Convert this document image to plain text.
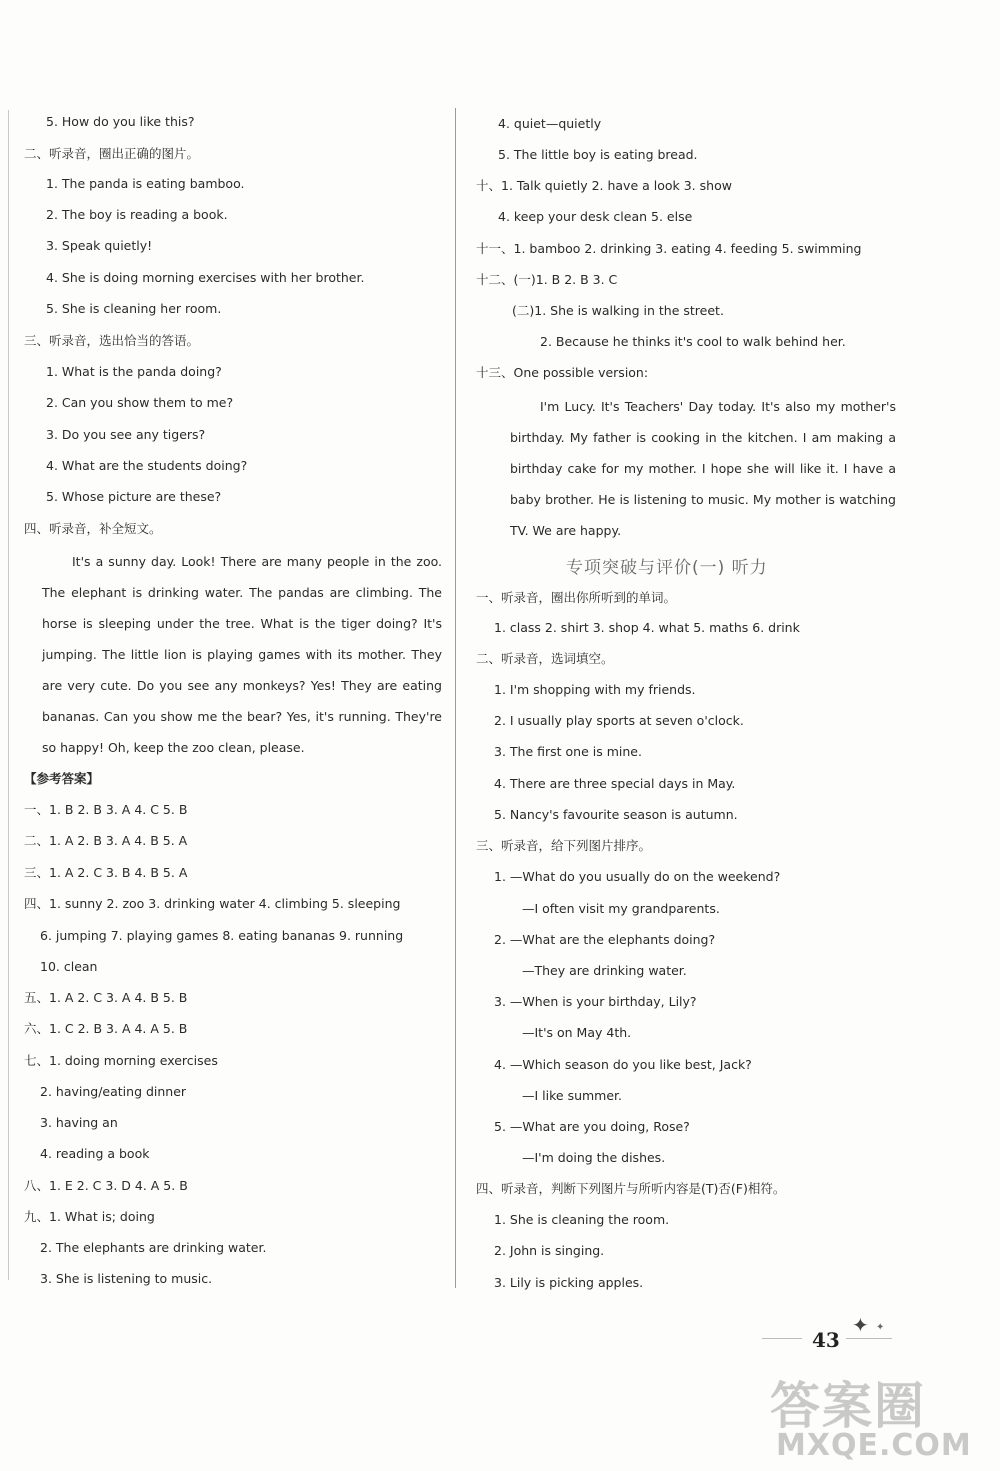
It's a sunny day. Look! There are many people in the zoo. The elephant is drinking water. The pandas are climbing. The horse is sleeping under the tree. What is the tiger doing? It's jumping. The little lion is playing games with its mother. They are very cute. Do you see any monkeys? Yes! They are eating bananas. Can you show me the bear? Yes, it's running. They're so happy! Oh, keep the zoo clean, please.
5. How do you like this?
二、听录音，圈出正确的图片。
1. The panda is eating bamboo.
2. The boy is reading a book.
3. Speak quietly!
4. She is doing morning exercises with her brother.
5. She is cleaning her room.
三、听录音，选出恰当的答语。
1. What is the panda doing?
2. Can you show them to me?
3. Do you see any tigers?
4. What are the students doing?
5. Whose picture are these?
四、听录音，补全短文。
【参考答案】
一、1. B 2. B 3. A 4. C 5. B
二、1. A 2. B 3. A 4. B 5. A
三、1. A 2. C 3. B 4. B 5. A
四、1. sunny 2. zoo 3. drinking water 4. climbing 5. sleeping
6. jumping 7. playing games 8. eating bananas 9. running
10. clean
五、1. A 2. C 3. A 4. B 5. B
六、1. C 2. B 3. A 4. A 5. B
七、1. doing morning exercises
2. having/eating dinner
3. having an
4. reading a book
八、1. E 2. C 3. D 4. A 5. B
九、1. What is; doing
2. The elephants are drinking water.
3. She is listening to music.
I'm Lucy. It's Teachers' Day today. It's also my mother's birthday. My father is cooking in the kitchen. I am making a birthday cake for my mother. I hope she will like it. I have a baby brother. He is listening to music. My mother is watching TV. We are happy.
专项突破与评价(一) 听力
4. quiet—quietly
5. The little boy is eating bread.
十、1. Talk quietly 2. have a look 3. show
4. keep your desk clean 5. else
十一、1. bamboo 2. drinking 3. eating 4. feeding 5. swimming
十二、(一)1. B 2. B 3. C
(二)1. She is walking in the street.
2. Because he thinks it's cool to walk behind her.
十三、One possible version:
一、听录音，圈出你所听到的单词。
1. class 2. shirt 3. shop 4. what 5. maths 6. drink
二、听录音，选词填空。
1. I'm shopping with my friends.
2. I usually play sports at seven o'clock.
3. The first one is mine.
4. There are three special days in May.
5. Nancy's favourite season is autumn.
三、听录音，给下列图片排序。
1. —What do you usually do on the weekend?
—I often visit my grandparents.
2. —What are the elephants doing?
—They are drinking water.
3. —When is your birthday, Lily?
—It's on May 4th.
4. —Which season do you like best, Jack?
—I like summer.
5. —What are you doing, Rose?
—I'm doing the dishes.
四、听录音，判断下列图片与所听内容是(T)否(F)相符。
1. She is cleaning the room.
2. John is singing.
3. Lily is picking apples.
43
✦ ✦
答案圈
MXQE.COM
